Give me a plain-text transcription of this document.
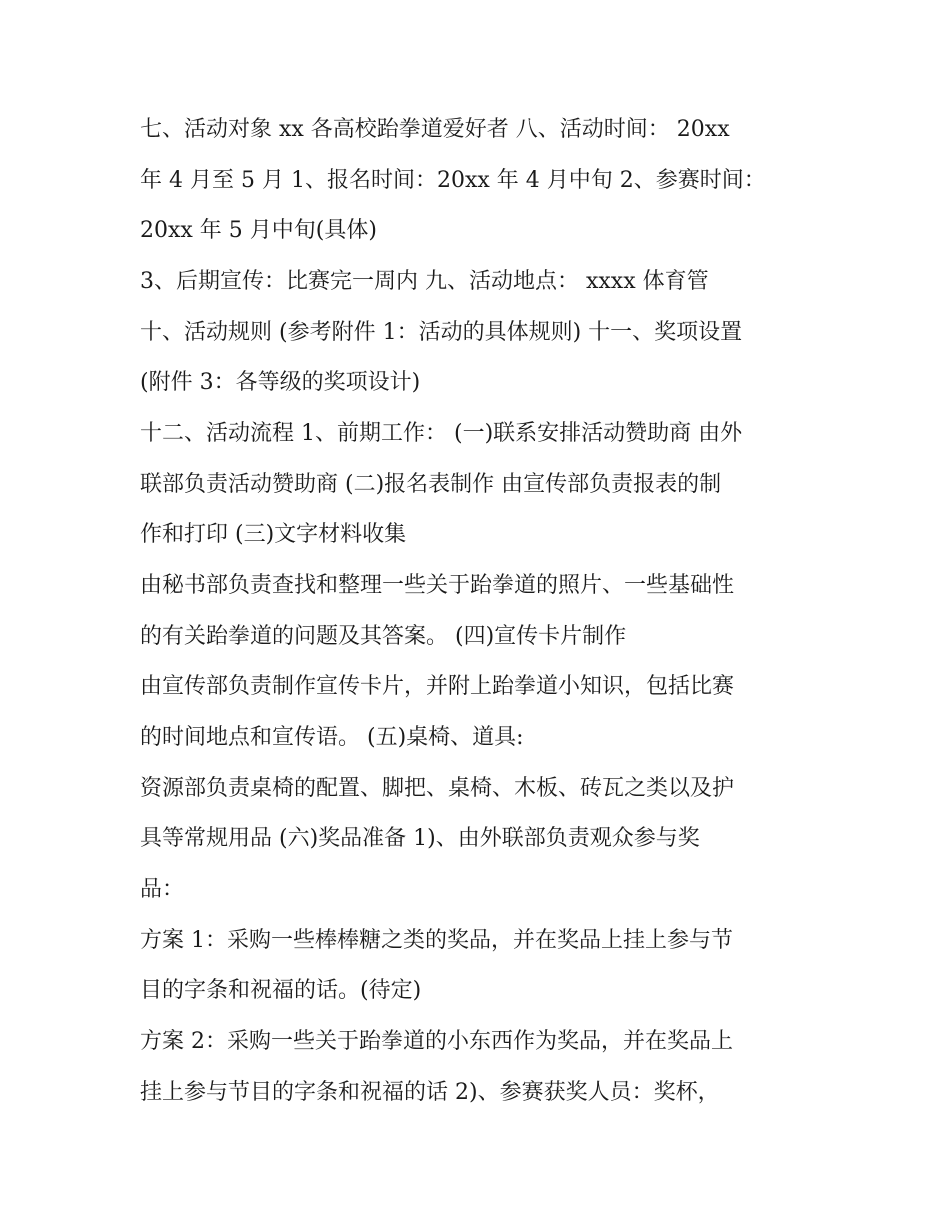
七、活动对象 xx 各高校跆拳道爱好者 八、活动时间： 20xx
年 4 月至 5 月 1、报名时间：20xx 年 4 月中旬 2、参赛时间：
20xx 年 5 月中旬(具体)
3、后期宣传：比赛完一周内 九、活动地点： xxxx 体育管
十、活动规则 (参考附件 1：活动的具体规则) 十一、奖项设置
(附件 3：各等级的奖项设计)
十二、活动流程 1、前期工作： (一)联系安排活动赞助商 由外
联部负责活动赞助商 (二)报名表制作 由宣传部负责报表的制
作和打印 (三)文字材料收集
由秘书部负责查找和整理一些关于跆拳道的照片、一些基础性
的有关跆拳道的问题及其答案。 (四)宣传卡片制作
由宣传部负责制作宣传卡片，并附上跆拳道小知识，包括比赛
的时间地点和宣传语。 (五)桌椅、道具:
资源部负责桌椅的配置、脚把、桌椅、木板、砖瓦之类以及护
具等常规用品 (六)奖品准备 1)、由外联部负责观众参与奖
品：
方案 1：采购一些棒棒糖之类的奖品，并在奖品上挂上参与节
目的字条和祝福的话。(待定)
方案 2：采购一些关于跆拳道的小东西作为奖品，并在奖品上
挂上参与节目的字条和祝福的话 2)、参赛获奖人员：奖杯，
